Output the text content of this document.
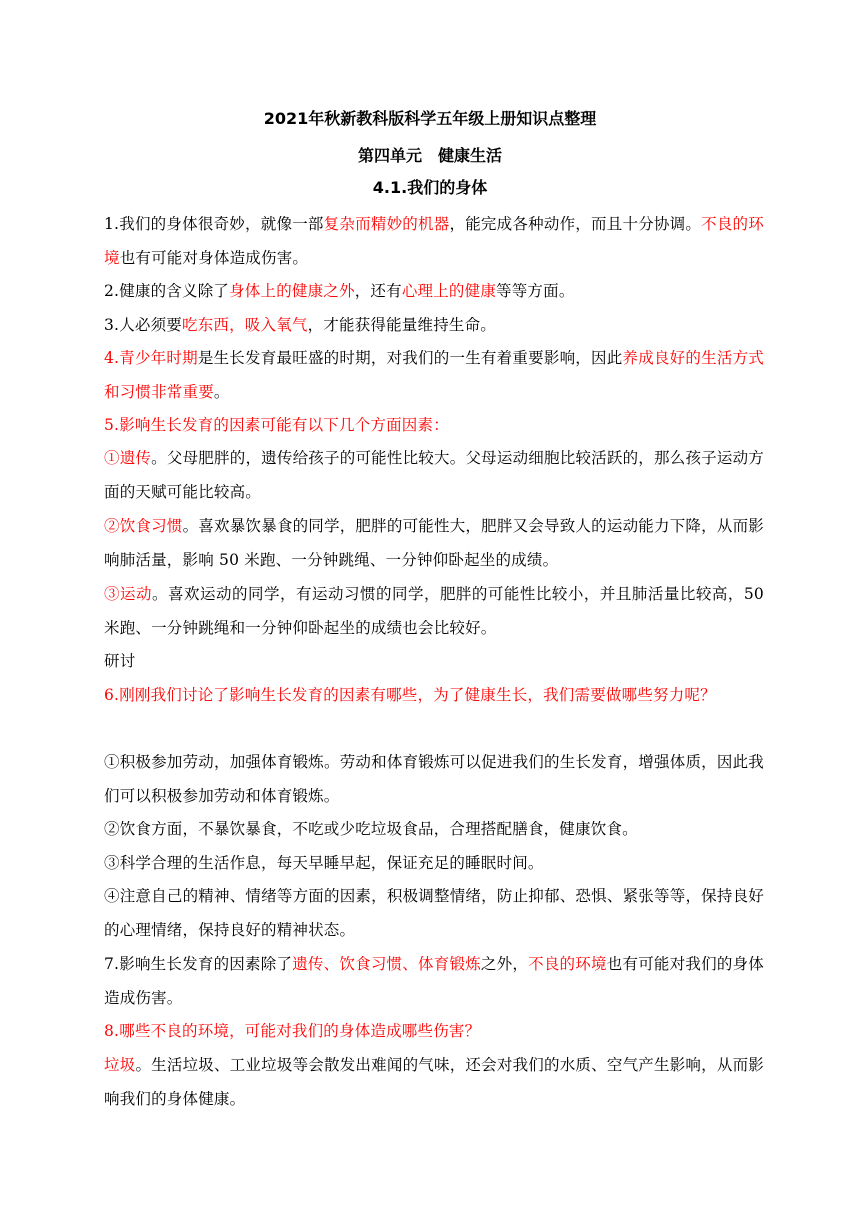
2021年秋新教科版科学五年级上册知识点整理
第四单元　健康生活
4.1.我们的身体
1.我们的身体很奇妙，就像一部复杂而精妙的机器，能完成各种动作，而且十分协调。不良的环境也有可能对身体造成伤害。
2.健康的含义除了身体上的健康之外，还有心理上的健康等等方面。
3.人必须要吃东西，吸入氧气，才能获得能量维持生命。
4.青少年时期是生长发育最旺盛的时期，对我们的一生有着重要影响，因此养成良好的生活方式和习惯非常重要。
5.影响生长发育的因素可能有以下几个方面因素：
①遗传。父母肥胖的，遗传给孩子的可能性比较大。父母运动细胞比较活跃的，那么孩子运动方面的天赋可能比较高。
②饮食习惯。喜欢暴饮暴食的同学，肥胖的可能性大，肥胖又会导致人的运动能力下降，从而影响肺活量，影响 50 米跑、一分钟跳绳、一分钟仰卧起坐的成绩。
③运动。喜欢运动的同学，有运动习惯的同学，肥胖的可能性比较小，并且肺活量比较高，50 米跑、一分钟跳绳和一分钟仰卧起坐的成绩也会比较好。
研讨
6.刚刚我们讨论了影响生长发育的因素有哪些，为了健康生长，我们需要做哪些努力呢？
①积极参加劳动，加强体育锻炼。劳动和体育锻炼可以促进我们的生长发育，增强体质，因此我们可以积极参加劳动和体育锻炼。
②饮食方面，不暴饮暴食，不吃或少吃垃圾食品，合理搭配膳食，健康饮食。
③科学合理的生活作息，每天早睡早起，保证充足的睡眠时间。
④注意自己的精神、情绪等方面的因素，积极调整情绪，防止抑郁、恐惧、紧张等等，保持良好的心理情绪，保持良好的精神状态。
7.影响生长发育的因素除了遗传、饮食习惯、体育锻炼之外，不良的环境也有可能对我们的身体造成伤害。
8.哪些不良的环境，可能对我们的身体造成哪些伤害？
垃圾。生活垃圾、工业垃圾等会散发出难闻的气味，还会对我们的水质、空气产生影响，从而影响我们的身体健康。
